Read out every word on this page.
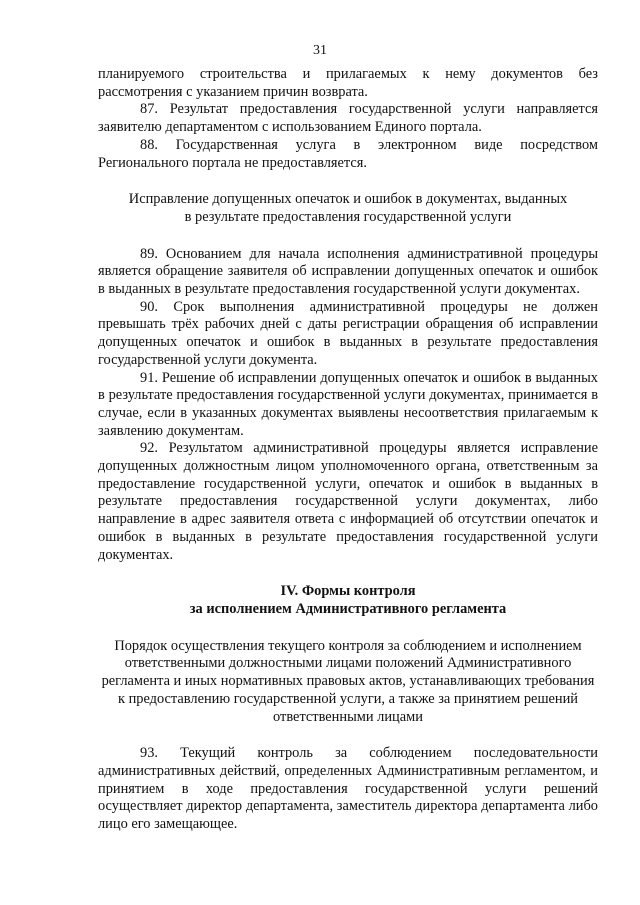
31

планируемого строительства и прилагаемых к нему документов без рассмотрения с указанием причин возврата.

87. Результат предоставления государственной услуги направляется заявителю департаментом с использованием Единого портала.

88. Государственная услуга в электронном виде посредством Регионального портала не предоставляется.

Исправление допущенных опечаток и ошибок в документах, выданных
в результате предоставления государственной услуги

89. Основанием для начала исполнения административной процедуры является обращение заявителя об исправлении допущенных опечаток и ошибок в выданных в результате предоставления государственной услуги документах.

90. Срок выполнения административной процедуры не должен превышать трёх рабочих дней с даты регистрации обращения об исправлении допущенных опечаток и ошибок в выданных в результате предоставления государственной услуги документа.

91. Решение об исправлении допущенных опечаток и ошибок в выданных в результате предоставления государственной услуги документах, принимается в случае, если в указанных документах выявлены несоответствия прилагаемым к заявлению документам.

92. Результатом административной процедуры является исправление допущенных должностным лицом уполномоченного органа, ответственным за предоставление государственной услуги, опечаток и ошибок в выданных в результате предоставления государственной услуги документах, либо направление в адрес заявителя ответа с информацией об отсутствии опечаток и ошибок в выданных в результате предоставления государственной услуги документах.

IV. Формы контроля
за исполнением Административного регламента
Порядок осуществления текущего контроля за соблюдением и исполнением
ответственными должностными лицами положений Административного
регламента и иных нормативных правовых актов, устанавливающих требования
к предоставлению государственной услуги, а также за принятием решений
ответственными лицами

93. Текущий контроль за соблюдением последовательности административных действий, определенных Административным регламентом, и принятием в ходе предоставления государственной услуги решений осуществляет директор департамента, заместитель директора департамента либо лицо его замещающее.
